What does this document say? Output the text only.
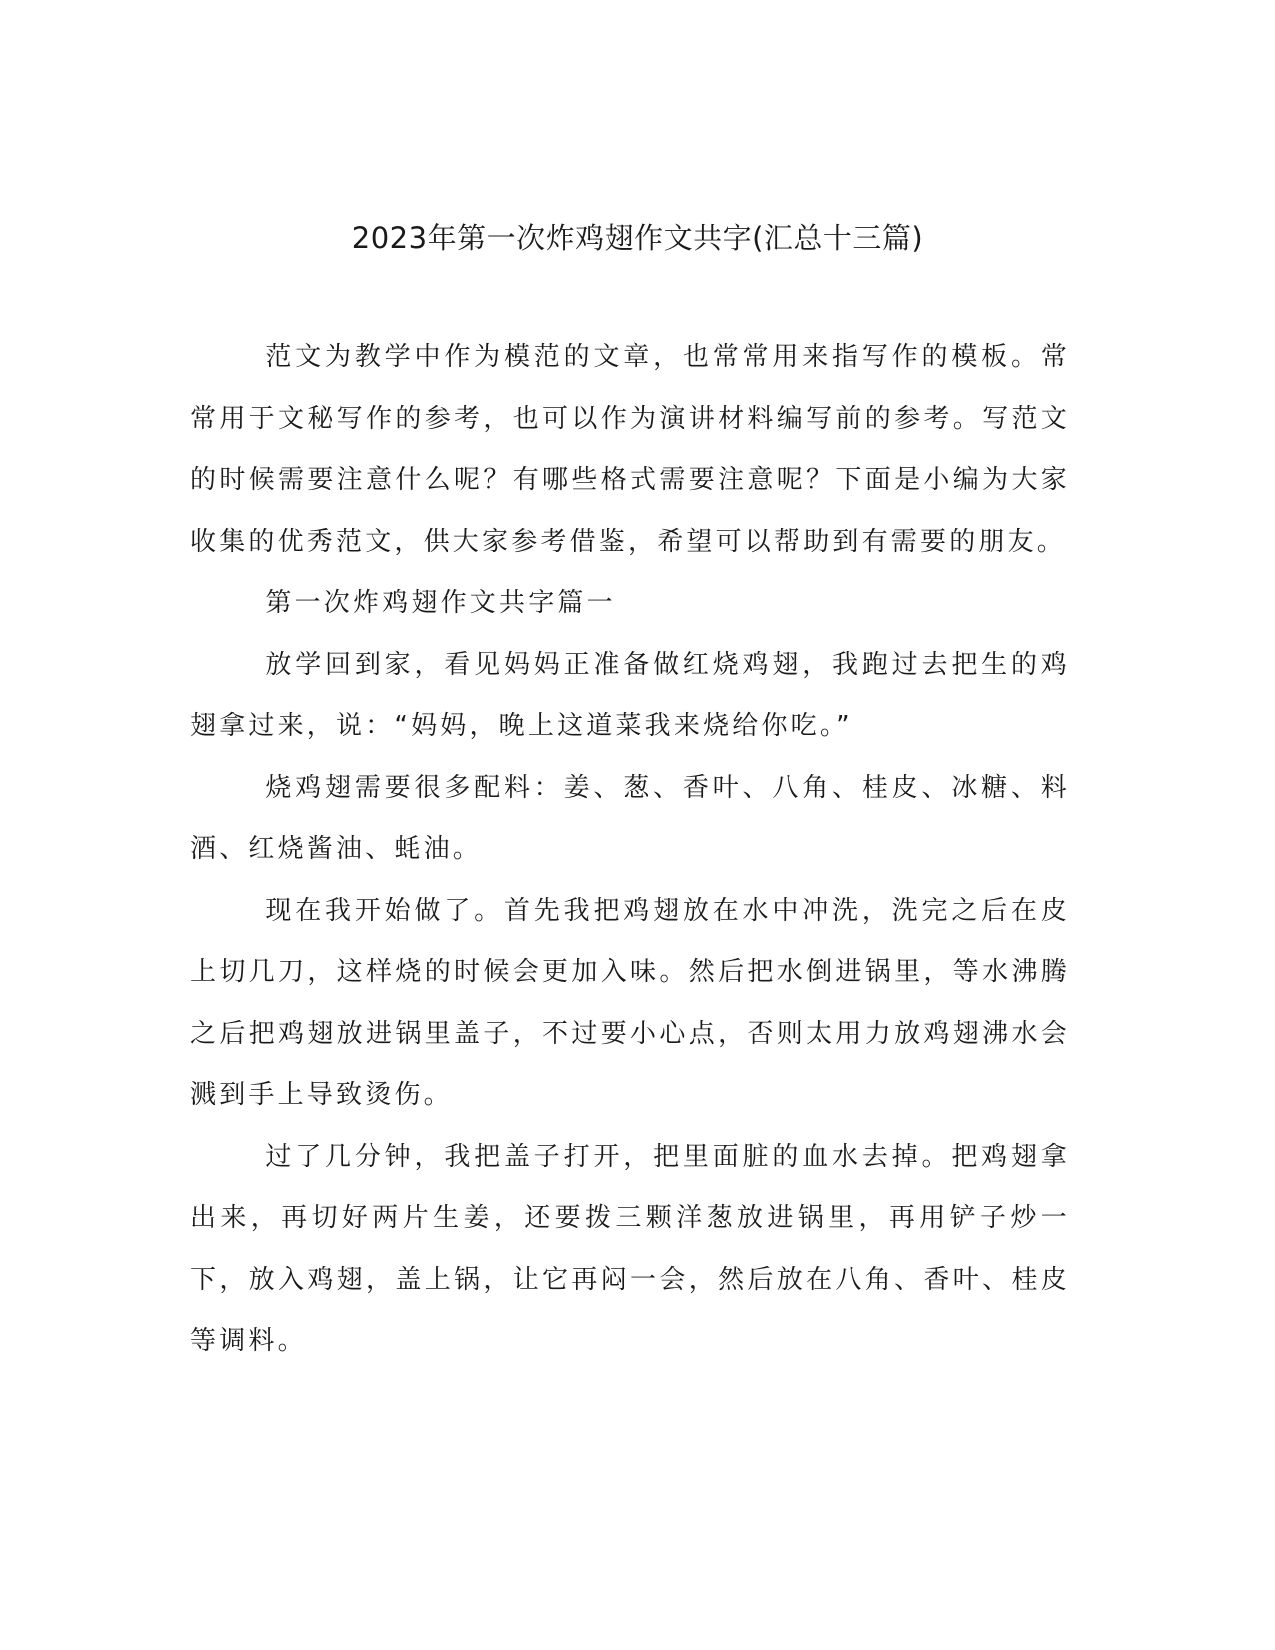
2023年第一次炸鸡翅作文共字(汇总十三篇)

范文为教学中作为模范的文章，也常常用来指写作的模板。常常用于文秘写作的参考，也可以作为演讲材料编写前的参考。写范文的时候需要注意什么呢？有哪些格式需要注意呢？下面是小编为大家收集的优秀范文，供大家参考借鉴，希望可以帮助到有需要的朋友。

第一次炸鸡翅作文共字篇一

放学回到家，看见妈妈正准备做红烧鸡翅，我跑过去把生的鸡翅拿过来，说：“妈妈，晚上这道菜我来烧给你吃。”

烧鸡翅需要很多配料：姜、葱、香叶、八角、桂皮、冰糖、料酒、红烧酱油、蚝油。

现在我开始做了。首先我把鸡翅放在水中冲洗，洗完之后在皮上切几刀，这样烧的时候会更加入味。然后把水倒进锅里，等水沸腾之后把鸡翅放进锅里盖子，不过要小心点，否则太用力放鸡翅沸水会溅到手上导致烫伤。

过了几分钟，我把盖子打开，把里面脏的血水去掉。把鸡翅拿出来，再切好两片生姜，还要拨三颗洋葱放进锅里，再用铲子炒一下，放入鸡翅，盖上锅，让它再闷一会，然后放在八角、香叶、桂皮等调料。
